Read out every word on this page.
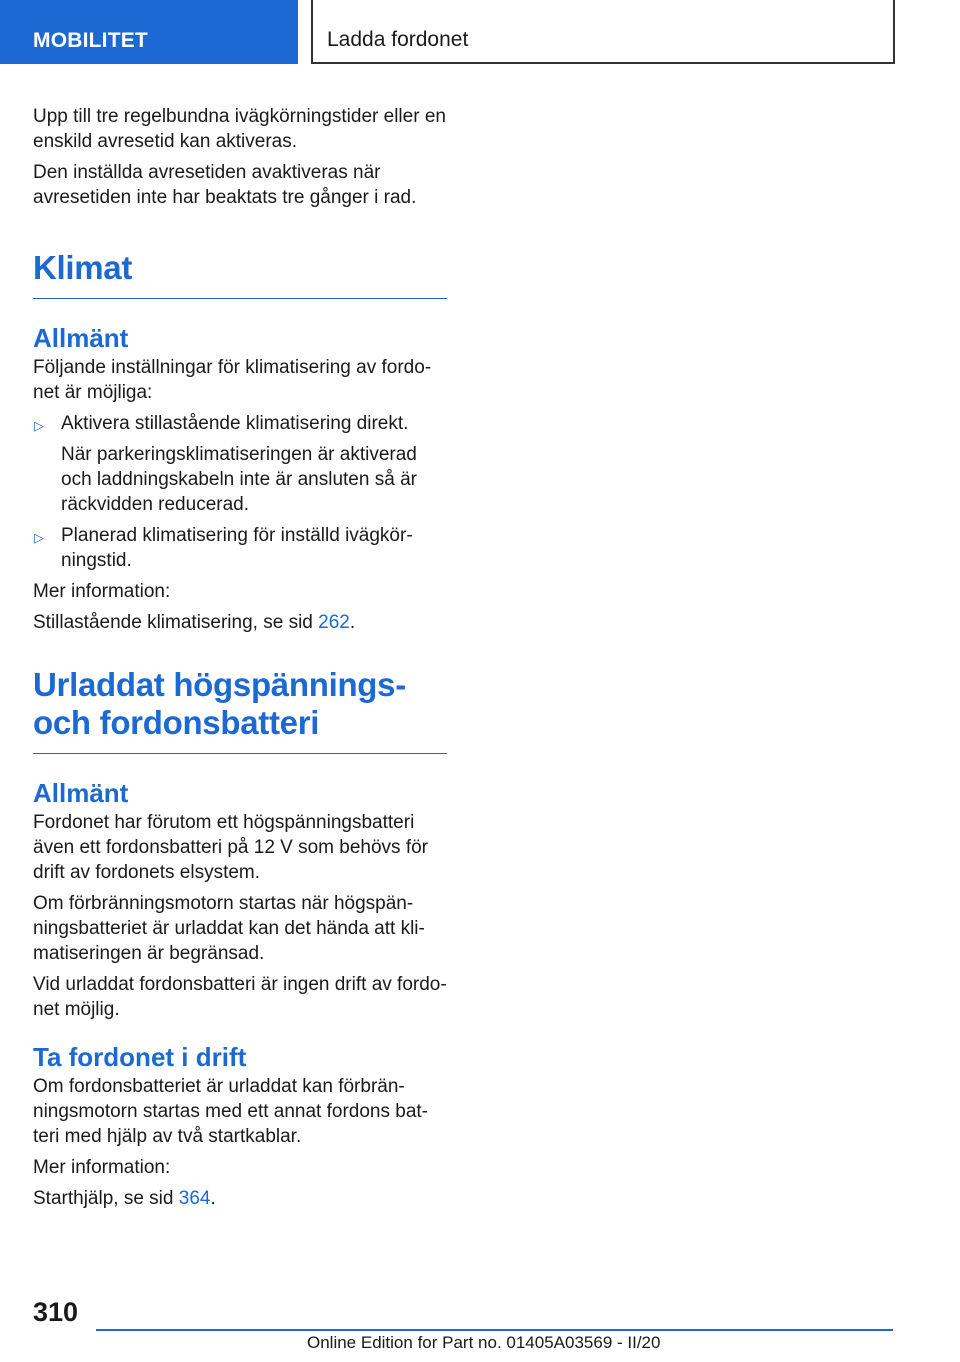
MOBILITET	Ladda fordonet

Upp till tre regelbundna ivägkörningstider eller en enskild avresetid kan aktiveras.

Den inställda avresetiden avaktiveras när avresetiden inte har beaktats tre gånger i rad.

Klimat
Allmänt

Följande inställningar för klimatisering av fordonet är möjliga:

▷ Aktivera stillastående klimatisering direkt.

När parkeringsklimatiseringen är aktiverad och laddningskabeln inte är ansluten så är räckvidden reducerad.

▷ Planerad klimatisering för inställd ivägkörningstid.

Mer information:

Stillastående klimatisering, se sid 262.

Urladdat högspännings-
och fordonsbatteri
Allmänt

Fordonet har förutom ett högspänningsbatteri även ett fordonsbatteri på 12 V som behövs för drift av fordonets elsystem.

Om förbränningsmotorn startas när högspänningsbatteriet är urladdat kan det hända att klimatiseringen är begränsad.

Vid urladdat fordonsbatteri är ingen drift av fordonet möjlig.

Ta fordonet i drift

Om fordonsbatteriet är urladdat kan förbränningsmotorn startas med ett annat fordons batteri med hjälp av två startkablar.

Mer information:

Starthjälp, se sid 364.

310
Online Edition for Part no. 01405A03569 - II/20
